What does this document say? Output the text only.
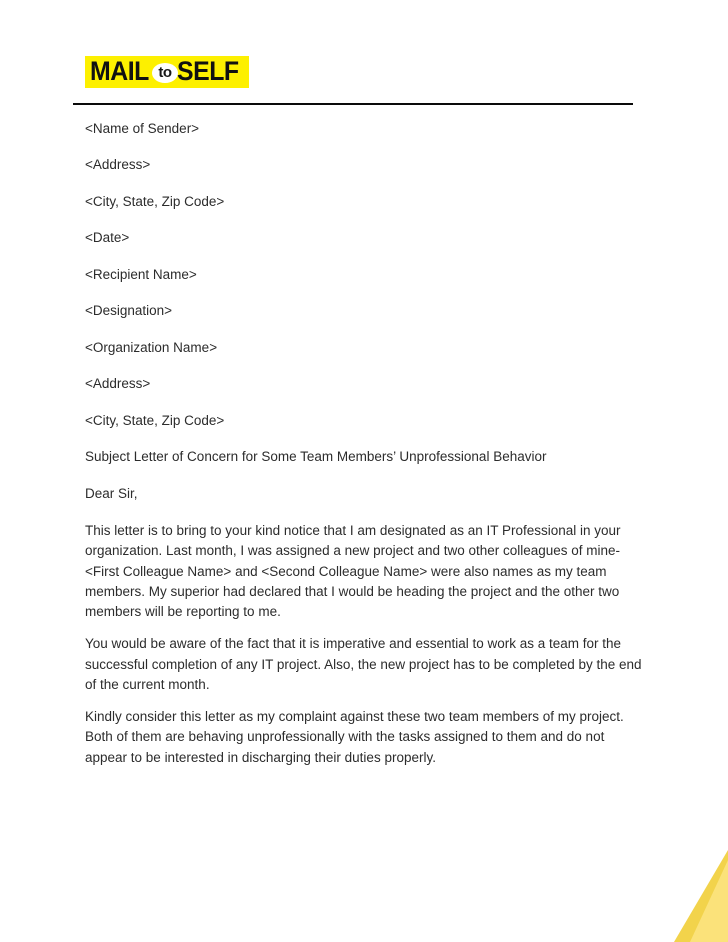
MAIL to SELF

<Name of Sender>

<Address>

<City, State, Zip Code>

<Date>

<Recipient Name>

<Designation>

<Organization Name>

<Address>

<City, State, Zip Code>

Subject Letter of Concern for Some Team Members’ Unprofessional Behavior

Dear Sir,

This letter is to bring to your kind notice that I am designated as an IT Professional in your organization. Last month, I was assigned a new project and two other colleagues of mine- <First Colleague Name> and <Second Colleague Name> were also names as my team members. My superior had declared that I would be heading the project and the other two members will be reporting to me.

You would be aware of the fact that it is imperative and essential to work as a team for the successful completion of any IT project. Also, the new project has to be completed by the end of the current month.

Kindly consider this letter as my complaint against these two team members of my project. Both of them are behaving unprofessionally with the tasks assigned to them and do not appear to be interested in discharging their duties properly.
